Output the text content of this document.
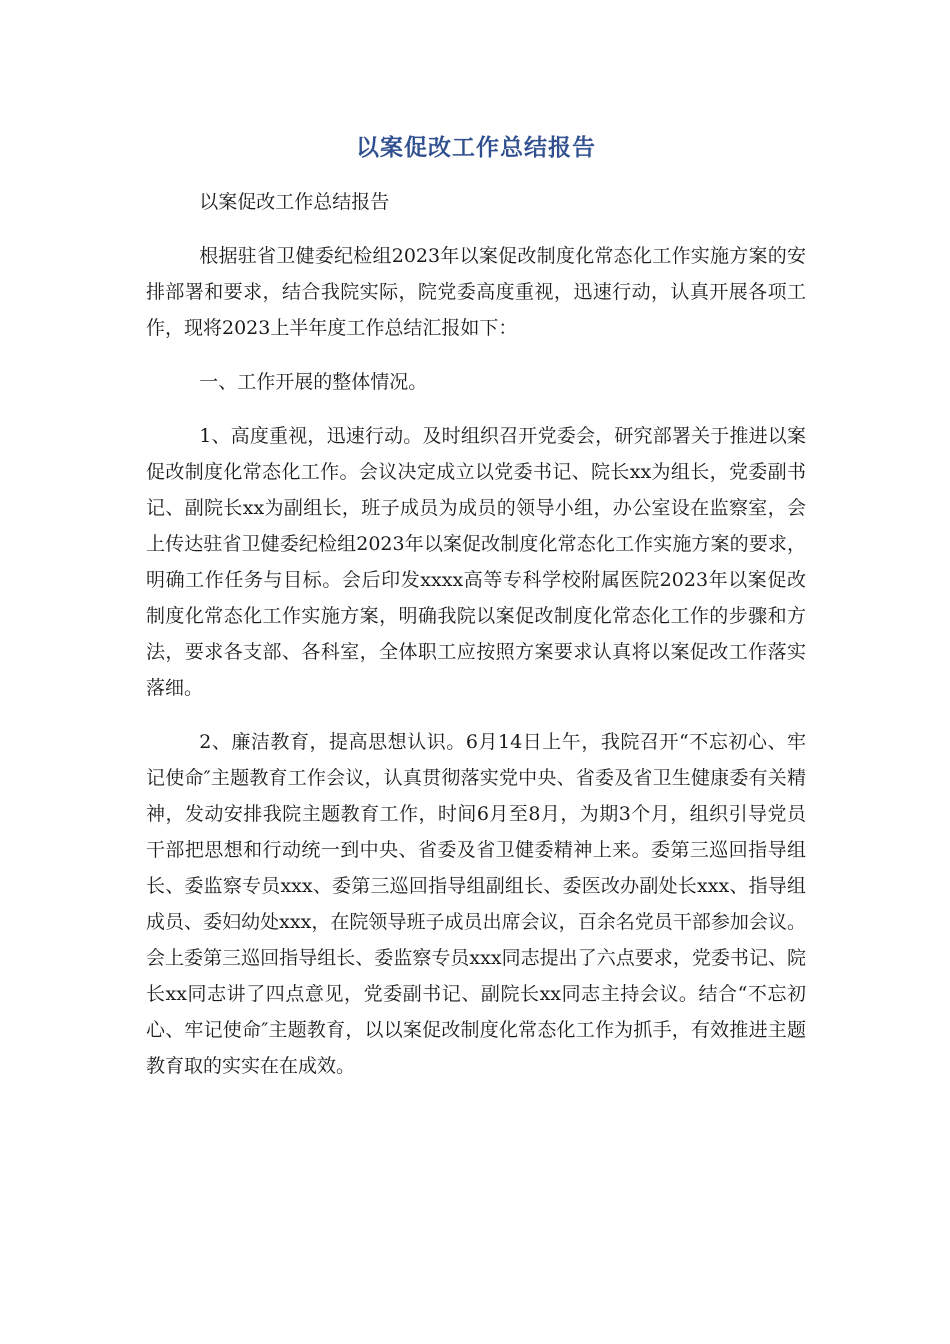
以案促改工作总结报告

以案促改工作总结报告

根据驻省卫健委纪检组2023年以案促改制度化常态化工作实施方案的安排部署和要求，结合我院实际，院党委高度重视，迅速行动，认真开展各项工作，现将2023上半年度工作总结汇报如下：

一、工作开展的整体情况。

1、高度重视，迅速行动。及时组织召开党委会，研究部署关于推进以案促改制度化常态化工作。会议决定成立以党委书记、院长xx为组长，党委副书记、副院长xx为副组长，班子成员为成员的领导小组，办公室设在监察室，会上传达驻省卫健委纪检组2023年以案促改制度化常态化工作实施方案的要求，明确工作任务与目标。会后印发xxxx高等专科学校附属医院2023年以案促改制度化常态化工作实施方案，明确我院以案促改制度化常态化工作的步骤和方法，要求各支部、各科室，全体职工应按照方案要求认真将以案促改工作落实落细。

2、廉洁教育，提高思想认识。6月14日上午，我院召开“不忘初心、牢记使命″主题教育工作会议，认真贯彻落实党中央、省委及省卫生健康委有关精神，发动安排我院主题教育工作，时间6月至8月，为期3个月，组织引导党员干部把思想和行动统一到中央、省委及省卫健委精神上来。委第三巡回指导组长、委监察专员xxx、委第三巡回指导组副组长、委医改办副处长xxx、指导组成员、委妇幼处xxx，在院领导班子成员出席会议，百余名党员干部参加会议。会上委第三巡回指导组长、委监察专员xxx同志提出了六点要求，党委书记、院长xx同志讲了四点意见，党委副书记、副院长xx同志主持会议。结合“不忘初心、牢记使命″主题教育，以以案促改制度化常态化工作为抓手，有效推进主题教育取的实实在在成效。
